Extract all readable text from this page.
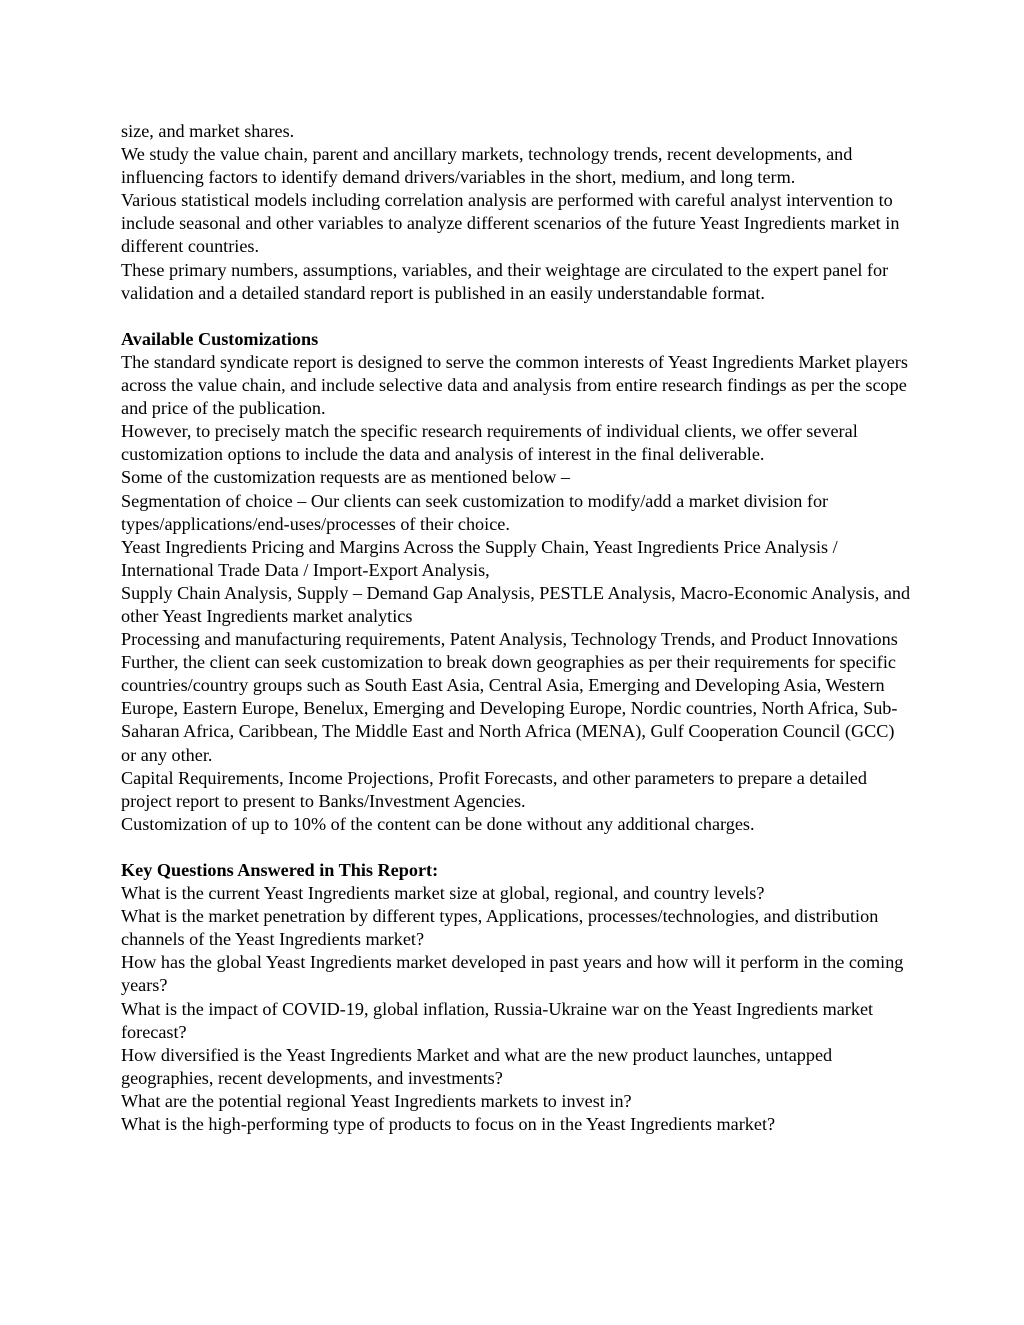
size, and market shares.

We study the value chain, parent and ancillary markets, technology trends, recent developments, and influencing factors to identify demand drivers/variables in the short, medium, and long term.

Various statistical models including correlation analysis are performed with careful analyst intervention to include seasonal and other variables to analyze different scenarios of the future Yeast Ingredients market in different countries.

These primary numbers, assumptions, variables, and their weightage are circulated to the expert panel for validation and a detailed standard report is published in an easily understandable format.

Available Customizations

The standard syndicate report is designed to serve the common interests of Yeast Ingredients Market players across the value chain, and include selective data and analysis from entire research findings as per the scope and price of the publication.

However, to precisely match the specific research requirements of individual clients, we offer several customization options to include the data and analysis of interest in the final deliverable.

Some of the customization requests are as mentioned below –

Segmentation of choice – Our clients can seek customization to modify/add a market division for types/applications/end-uses/processes of their choice.

Yeast Ingredients Pricing and Margins Across the Supply Chain, Yeast Ingredients Price Analysis / International Trade Data / Import-Export Analysis,

Supply Chain Analysis, Supply – Demand Gap Analysis, PESTLE Analysis, Macro-Economic Analysis, and other Yeast Ingredients market analytics

Processing and manufacturing requirements, Patent Analysis, Technology Trends, and Product Innovations

Further, the client can seek customization to break down geographies as per their requirements for specific countries/country groups such as South East Asia, Central Asia, Emerging and Developing Asia, Western Europe, Eastern Europe, Benelux, Emerging and Developing Europe, Nordic countries, North Africa, Sub-Saharan Africa, Caribbean, The Middle East and North Africa (MENA), Gulf Cooperation Council (GCC) or any other.

Capital Requirements, Income Projections, Profit Forecasts, and other parameters to prepare a detailed project report to present to Banks/Investment Agencies.

Customization of up to 10% of the content can be done without any additional charges.

Key Questions Answered in This Report:

What is the current Yeast Ingredients market size at global, regional, and country levels?

What is the market penetration by different types, Applications, processes/technologies, and distribution channels of the Yeast Ingredients market?

How has the global Yeast Ingredients market developed in past years and how will it perform in the coming years?

What is the impact of COVID-19, global inflation, Russia-Ukraine war on the Yeast Ingredients market forecast?

How diversified is the Yeast Ingredients Market and what are the new product launches, untapped geographies, recent developments, and investments?

What are the potential regional Yeast Ingredients markets to invest in?

What is the high-performing type of products to focus on in the Yeast Ingredients market?
